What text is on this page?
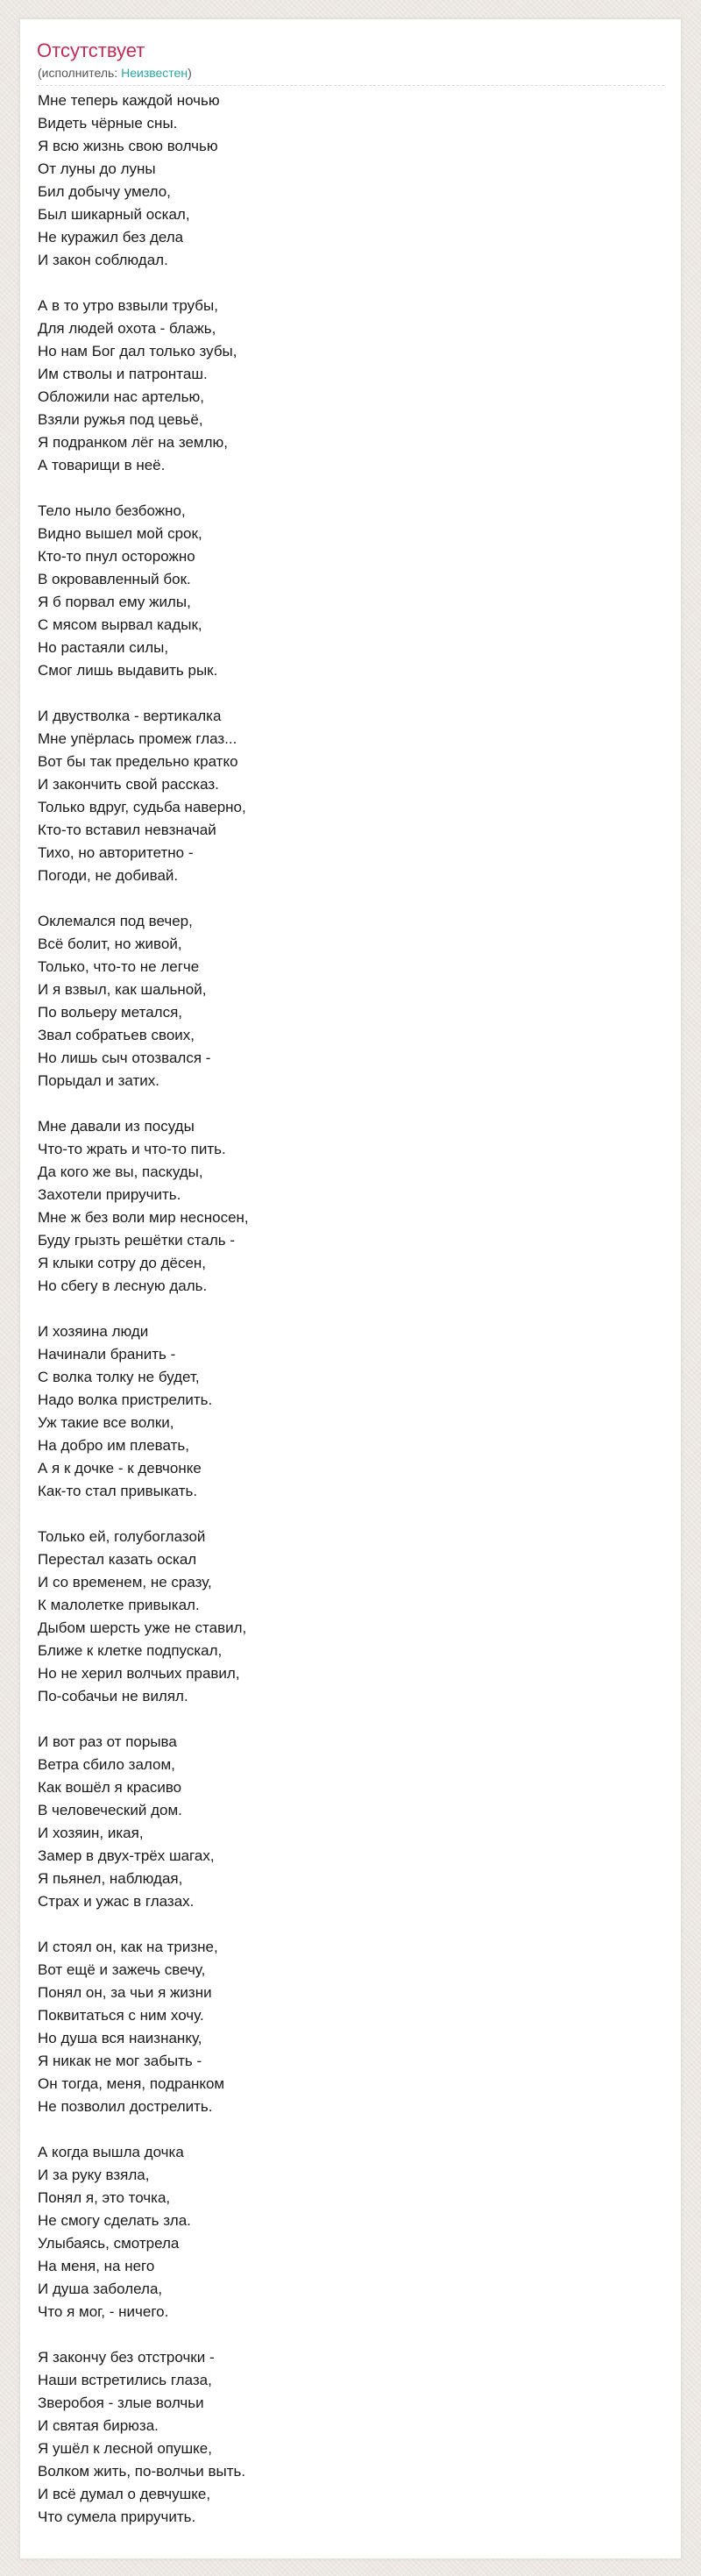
Отсутствует
(исполнитель: Неизвестен)
Мне теперь каждой ночью
Видеть чёрные сны.
Я всю жизнь свою волчью
От луны до луны
Бил добычу умело,
Был шикарный оскал,
Не куражил без дела
И закон соблюдал.
А в то утро взвыли трубы,
Для людей охота - блажь,
Но нам Бог дал только зубы,
Им стволы и патронташ.
Обложили нас артелью,
Взяли ружья под цевьё,
Я подранком лёг на землю,
А товарищи в неё.
Тело ныло безбожно,
Видно вышел мой срок,
Кто-то пнул осторожно
В окровавленный бок.
Я б порвал ему жилы,
С мясом вырвал кадык,
Но растаяли силы,
Смог лишь выдавить рык.
И двустволка - вертикалка
Мне упёрлась промеж глаз...
Вот бы так предельно кратко
И закончить свой рассказ.
Только вдруг, судьба наверно,
Кто-то вставил невзначай
Тихо, но авторитетно -
Погоди, не добивай.
Оклемался под вечер,
Всё болит, но живой,
Только, что-то не легче
И я взвыл, как шальной,
По вольеру метался,
Звал собратьев своих,
Но лишь сыч отозвался -
Порыдал и затих.
Мне давали из посуды
Что-то жрать и что-то пить.
Да кого же вы, паскуды,
Захотели приручить.
Мне ж без воли мир несносен,
Буду грызть решётки сталь -
Я клыки сотру до дёсен,
Но сбегу в лесную даль.
И хозяина люди
Начинали бранить -
С волка толку не будет,
Надо волка пристрелить.
Уж такие все волки,
На добро им плевать,
А я к дочке - к девчонке
Как-то стал привыкать.
Только ей, голубоглазой
Перестал казать оскал
И со временем, не сразу,
К малолетке привыкал.
Дыбом шерсть уже не ставил,
Ближе к клетке подпускал,
Но не херил волчьих правил,
По-собачьи не вилял.
И вот раз от порыва
Ветра сбило залом,
Как вошёл я красиво
В человеческий дом.
И хозяин, икая,
Замер в двух-трёх шагах,
Я пьянел, наблюдая,
Страх и ужас в глазах.
И стоял он, как на тризне,
Вот ещё и зажечь свечу,
Понял он, за чьи я жизни
Поквитаться с ним хочу.
Но душа вся наизнанку,
Я никак не мог забыть -
Он тогда, меня, подранком
Не позволил дострелить.
А когда вышла дочка
И за руку взяла,
Понял я, это точка,
Не смогу сделать зла.
Улыбаясь, смотрела
На меня, на него
И душа заболела,
Что я мог, - ничего.
Я закончу без отстрочки -
Наши встретились глаза,
Зверобоя - злые волчьи
И святая бирюза.
Я ушёл к лесной опушке,
Волком жить, по-волчьи выть.
И всё думал о девчушке,
Что сумела приручить.
